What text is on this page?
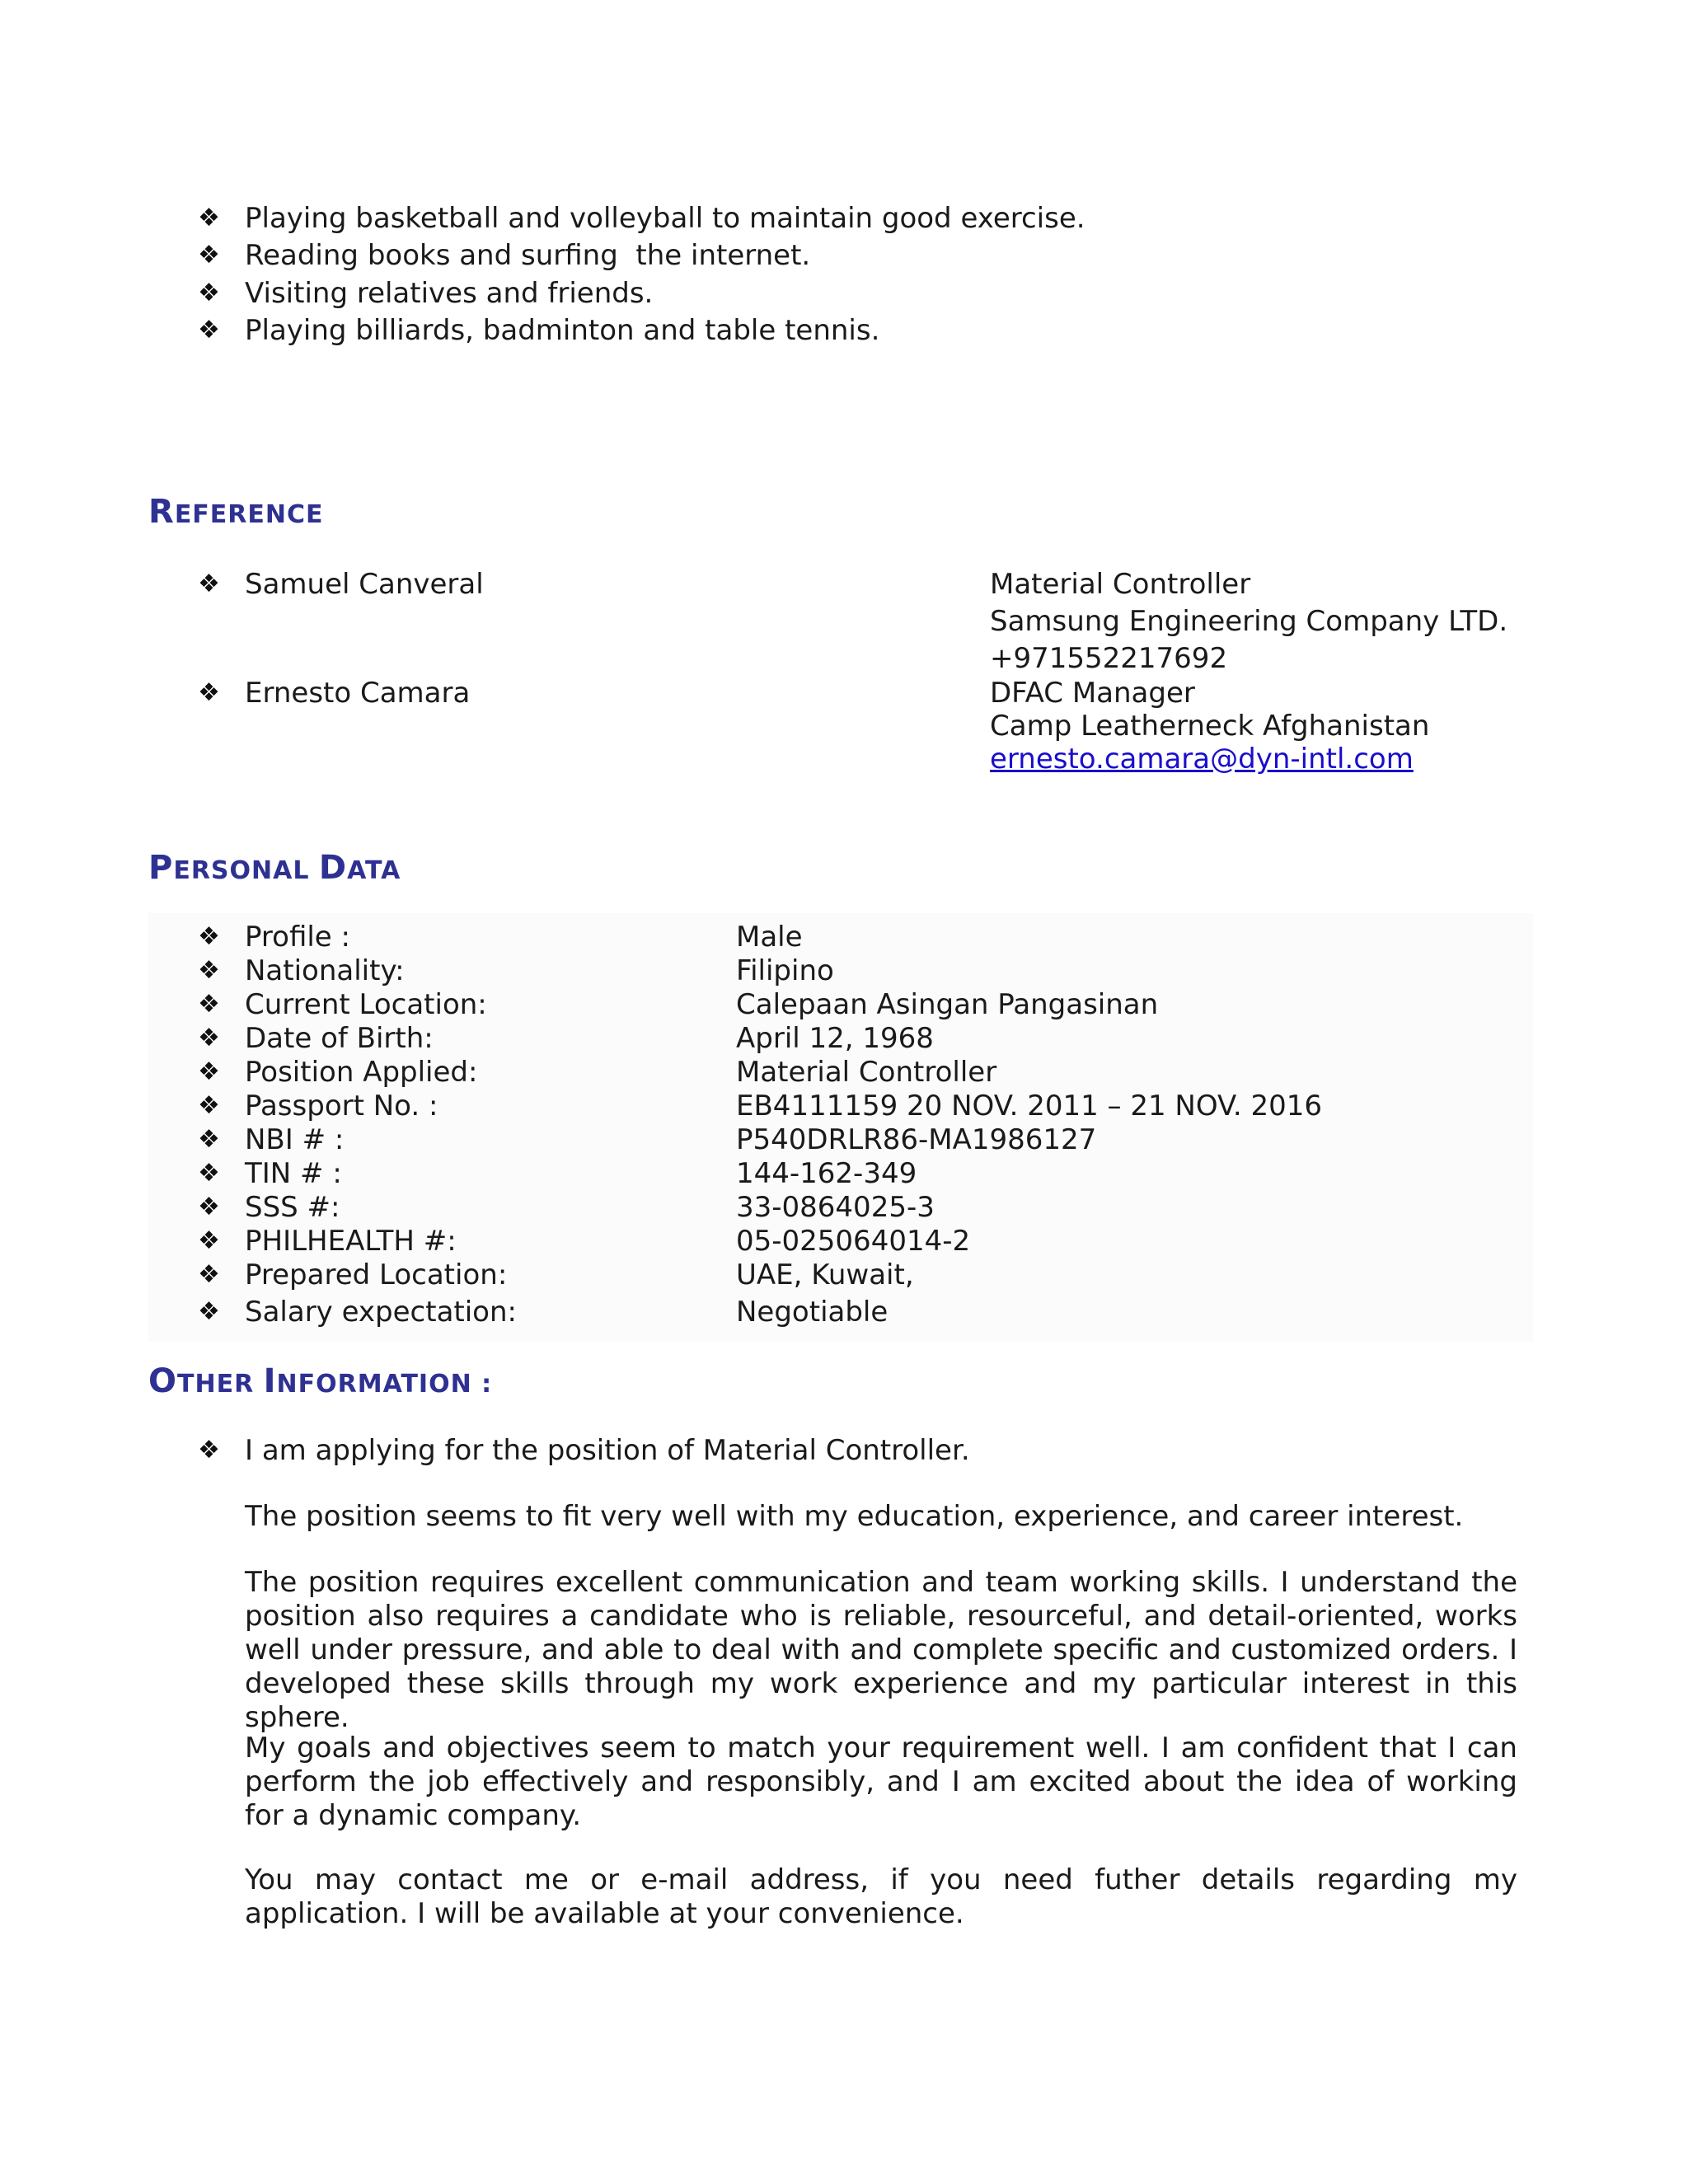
❖ Playing basketball and volleyball to maintain good exercise.
❖ Reading books and surfing  the internet.
❖ Visiting relatives and friends.
❖ Playing billiards, badminton and table tennis.
REFERENCE
❖ Samuel Canveral	Material Controller
Samsung Engineering Company LTD.
+971552217692
❖ Ernesto Camara	DFAC Manager
Camp Leatherneck Afghanistan
ernesto.camara@dyn-intl.com
PERSONAL DATA
❖ Profile :	Male
❖ Nationality:	Filipino
❖ Current Location:	Calepaan Asingan Pangasinan
❖ Date of Birth:	April 12, 1968
❖ Position Applied:	Material Controller
❖ Passport No. :	EB4111159 20 NOV. 2011 – 21 NOV. 2016
❖ NBI # :	P540DRLR86-MA1986127
❖ TIN # :	144-162-349
❖ SSS #:	33-0864025-3
❖ PHILHEALTH #:	05-025064014-2
❖ Prepared Location:	UAE, Kuwait,
❖ Salary expectation:	Negotiable
OTHER INFORMATION :
❖ I am applying for the position of Material Controller.
The position seems to fit very well with my education, experience, and career interest.
The position requires excellent communication and team working skills. I understand the position also requires a candidate who is reliable, resourceful, and detail-oriented, works well under pressure, and able to deal with and complete specific and customized orders. I developed these skills through my work experience and my particular interest in this sphere.
My goals and objectives seem to match your requirement well. I am confident that I can perform the job effectively and responsibly, and I am excited about the idea of working for a dynamic company.
You may contact me or e-mail address, if you need futher details regarding my application. I will be available at your convenience.
